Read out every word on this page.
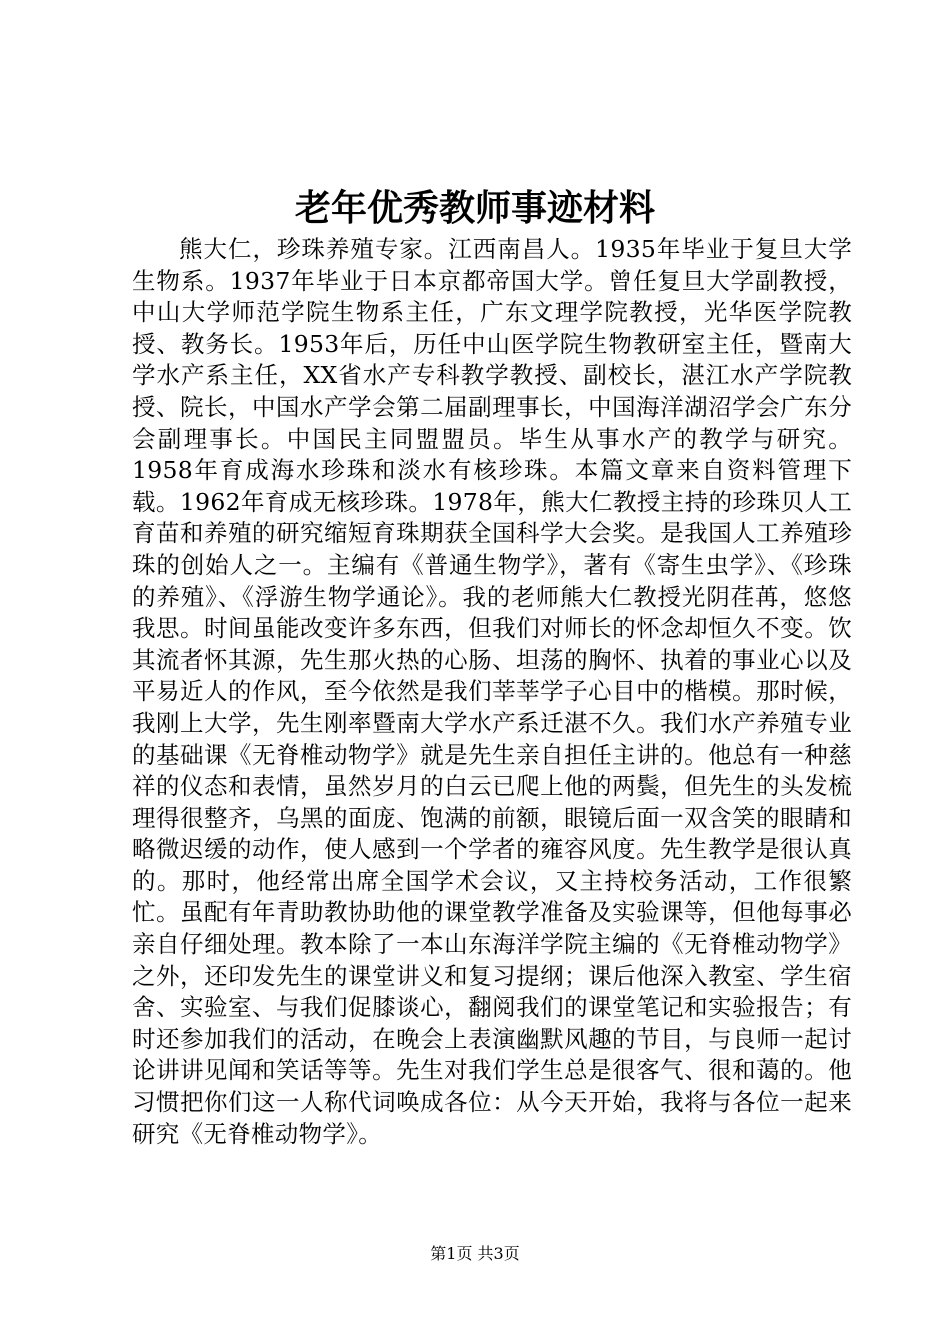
老年优秀教师事迹材料

熊大仁，珍珠养殖专家。江西南昌人。1935年毕业于复旦大学生物系。1937年毕业于日本京都帝国大学。曾任复旦大学副教授，中山大学师范学院生物系主任，广东文理学院教授，光华医学院教授、教务长。1953年后，历任中山医学院生物教研室主任，暨南大学水产系主任，XX省水产专科教学教授、副校长，湛江水产学院教授、院长，中国水产学会第二届副理事长，中国海洋湖沼学会广东分会副理事长。中国民主同盟盟员。毕生从事水产的教学与研究。1958年育成海水珍珠和淡水有核珍珠。本篇文章来自资料管理下载。1962年育成无核珍珠。1978年，熊大仁教授主持的珍珠贝人工育苗和养殖的研究缩短育珠期获全国科学大会奖。是我国人工养殖珍珠的创始人之一。主编有《普通生物学》，著有《寄生虫学》、《珍珠的养殖》、《浮游生物学通论》。我的老师熊大仁教授光阴荏苒，悠悠我思。时间虽能改变许多东西，但我们对师长的怀念却恒久不变。饮其流者怀其源，先生那火热的心肠、坦荡的胸怀、执着的事业心以及平易近人的作风，至今依然是我们莘莘学子心目中的楷模。那时候，我刚上大学，先生刚率暨南大学水产系迁湛不久。我们水产养殖专业的基础课《无脊椎动物学》就是先生亲自担任主讲的。他总有一种慈祥的仪态和表情，虽然岁月的白云已爬上他的两鬓，但先生的头发梳理得很整齐，乌黑的面庞、饱满的前额，眼镜后面一双含笑的眼睛和略微迟缓的动作，使人感到一个学者的雍容风度。先生教学是很认真的。那时，他经常出席全国学术会议，又主持校务活动，工作很繁忙。虽配有年青助教协助他的课堂教学准备及实验课等，但他每事必亲自仔细处理。教本除了一本山东海洋学院主编的《无脊椎动物学》之外，还印发先生的课堂讲义和复习提纲；课后他深入教室、学生宿舍、实验室、与我们促膝谈心，翻阅我们的课堂笔记和实验报告；有时还参加我们的活动，在晚会上表演幽默风趣的节目，与良师一起讨论讲讲见闻和笑话等等。先生对我们学生总是很客气、很和蔼的。他习惯把你们这一人称代词唤成各位：从今天开始，我将与各位一起来研究《无脊椎动物学》。

第1页 共3页
